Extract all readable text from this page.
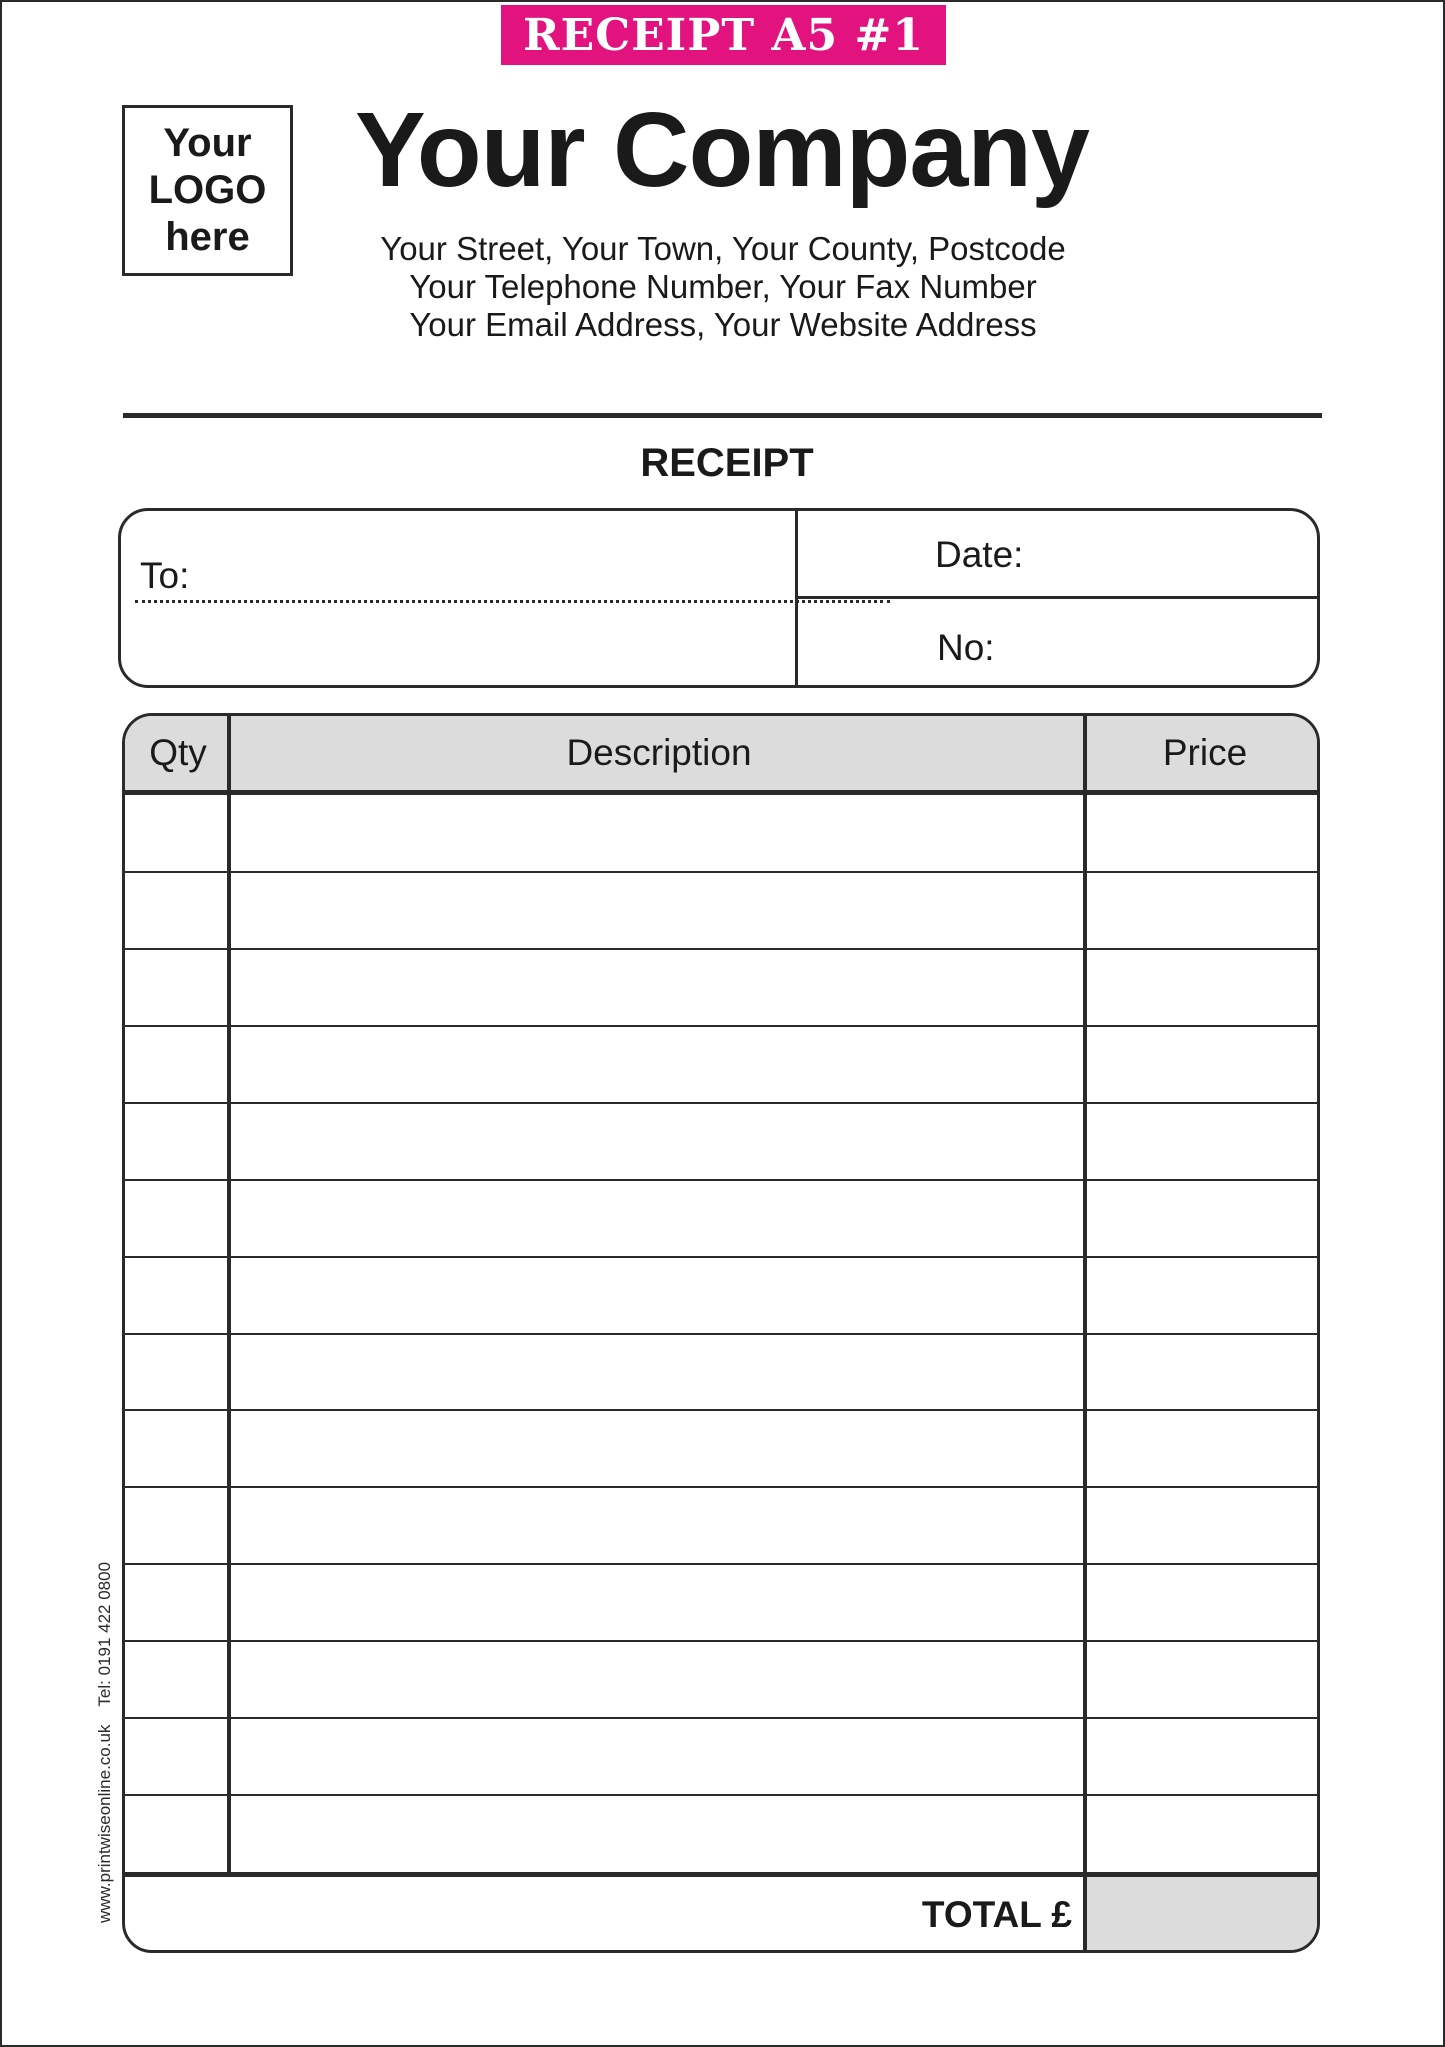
RECEIPT A5 #1
Your
LOGO
here
Your Company
Your Street, Your Town, Your County, Postcode
Your Telephone Number, Your Fax Number
Your Email Address, Your Website Address
RECEIPT
To:
Date:
No:
Qty	Description	Price
TOTAL £
www.printwiseonline.co.ukTel: 0191 422 0800
